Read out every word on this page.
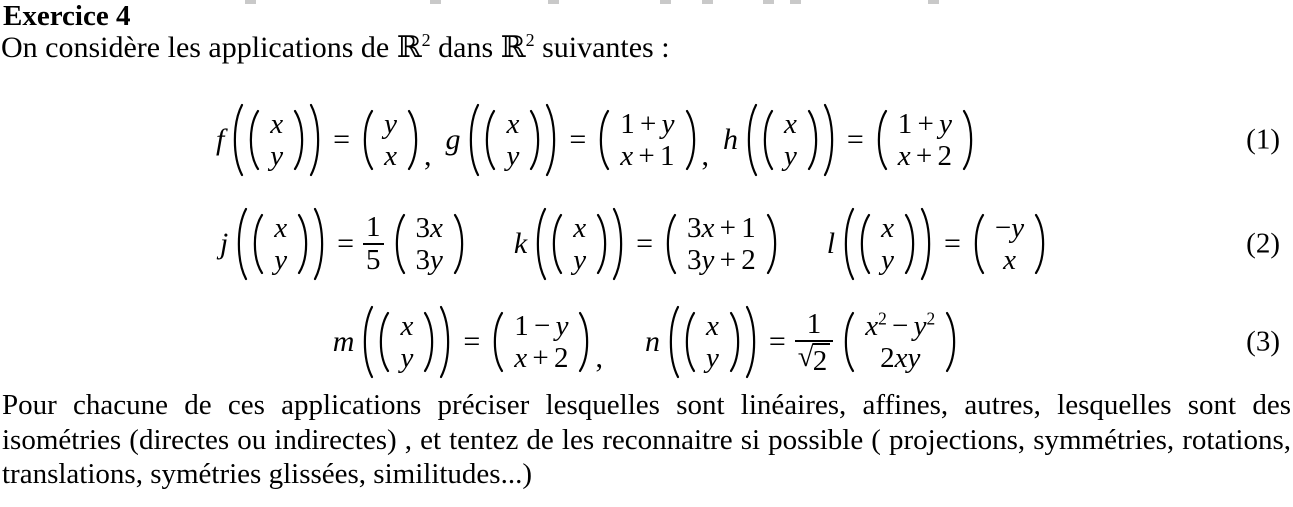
Exercice 4

On considère les applications de ℝ$^2$ dans ℝ$^2$ suivantes :

f x
y = y
x , g x
y = 1 + y
x + 1 , h x
y = 1 + y
x + 2
(1)
j x
$y = \frac{1}{5} 3x$
3y k x
y = 3x + 1
3y + 2 l x
y = −y
x
(2)
m x
y = 1 − y
x + 2 , n x
$y = \frac{1}{√ 2} x^2 - y^2$
2xy
(3)

Pour chacune de ces applications préciser lesquelles sont linéaires, affines, autres, lesquelles sont des isométries (directes ou indirectes) , et tentez de les reconnaitre si possible ( projections, symmétries, rotations, translations, symétries glissées, similitudes...)
